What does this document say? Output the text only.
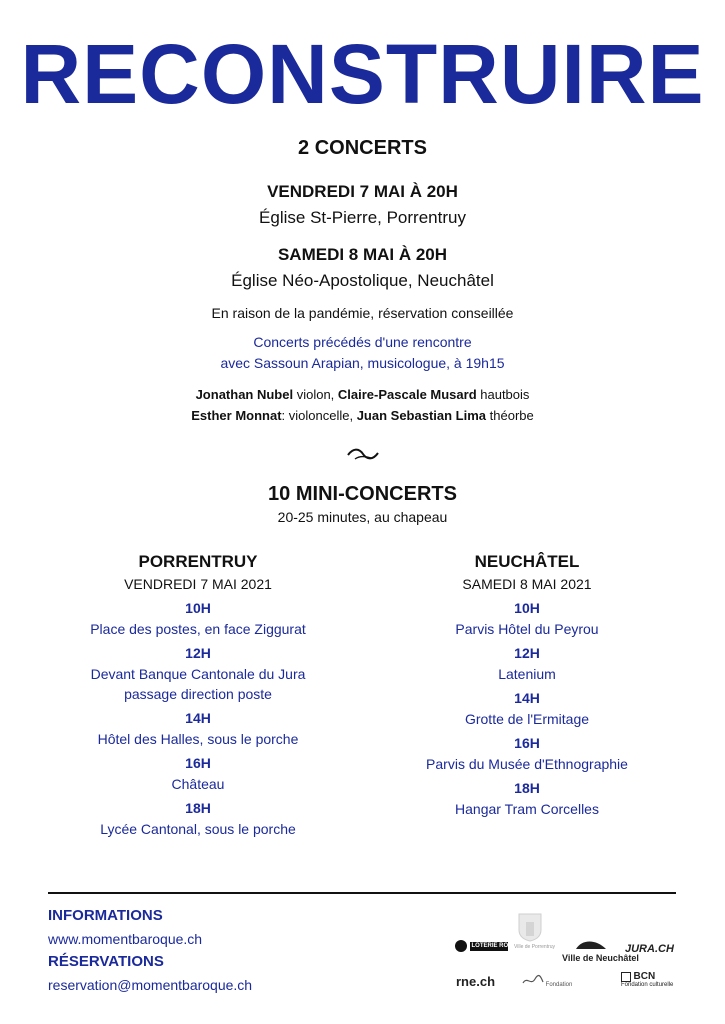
RECONSTRUIRE
2 CONCERTS
VENDREDI 7 MAI À 20H
Église St-Pierre, Porrentruy
SAMEDI 8 MAI À 20H
Église Néo-Apostolique, Neuchâtel
En raison de la pandémie, réservation conseillée
Concerts précédés d'une rencontre
avec Sassoun Arapian, musicologue, à 19h15
Jonathan Nubel violon, Claire-Pascale Musard hautbois
Esther Monnat: violoncelle, Juan Sebastian Lima théorbe
10 MINI-CONCERTS
20-25 minutes, au chapeau
PORRENTRUY
VENDREDI 7 MAI 2021
10H
Place des postes, en face Ziggurat
12H
Devant Banque Cantonale du Jura
passage direction poste
14H
Hôtel des Halles, sous le porche
16H
Château
18H
Lycée Cantonal, sous le porche
NEUCHÂTEL
SAMEDI 8 MAI 2021
10H
Parvis Hôtel du Peyrou
12H
Latenium
14H
Grotte de l'Ermitage
16H
Parvis du Musée d'Ethnographie
18H
Hangar Tram Corcelles
INFORMATIONS
www.momentbaroque.ch
RÉSERVATIONS
reservation@momentbaroque.ch
LOTERIE ROMANDE
Ville de Porrentruy
Ville de Neuchâtel
JURA.CH
rne.ch	Fondation
BCN
Fondation culturelle
